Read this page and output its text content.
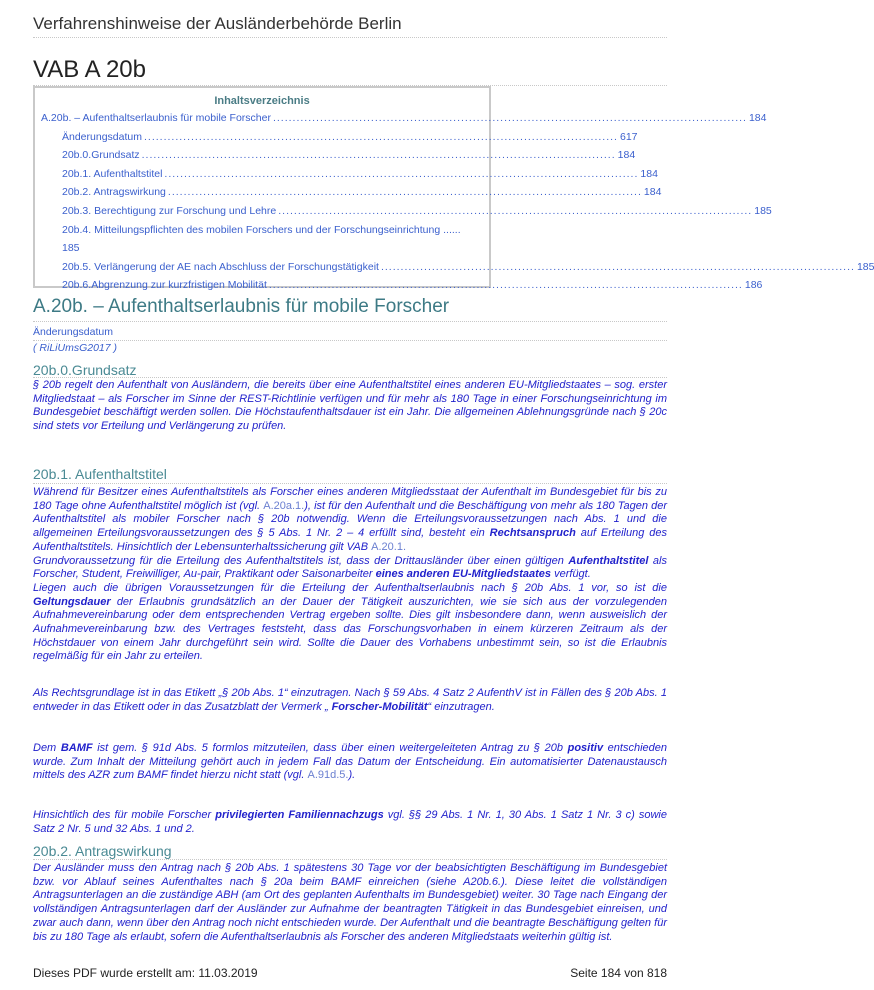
Verfahrenshinweise der Ausländerbehörde Berlin
VAB A 20b
Inhaltsverzeichnis
A.20b. – Aufenthaltserlaubnis für mobile Forscher ......................................................................................................................... 184
Änderungsdatum ......................................................................................................................... 617
20b.0.Grundsatz ......................................................................................................................... 184
20b.1. Aufenthaltstitel ......................................................................................................................... 184
20b.2. Antragswirkung ......................................................................................................................... 184
20b.3. Berechtigung zur Forschung und Lehre ......................................................................................................................... 185
20b.4. Mitteilungspflichten des mobilen Forschers und der Forschungseinrichtung ......
185
20b.5. Verlängerung der AE nach Abschluss der Forschungstätigkeit ......................................................................................................................... 185
20b.6.Abgrenzung zur kurzfristigen Mobilität ......................................................................................................................... 186
A.20b. – Aufenthaltserlaubnis für mobile Forscher
Änderungsdatum
( RiLiUmsG2017 )
20b.0.Grundsatz
§ 20b regelt den Aufenthalt von Ausländern, die bereits über eine Aufenthaltstitel eines anderen EU-Mitgliedstaates – sog. erster Mitgliedstaat – als Forscher im Sinne der REST-Richtlinie verfügen und für mehr als 180 Tage in einer Forschungseinrichtung im Bundesgebiet beschäftigt werden sollen. Die Höchstaufenthaltsdauer ist ein Jahr. Die allgemeinen Ablehnungsgründe nach § 20c sind stets vor Erteilung und Verlängerung zu prüfen.
20b.1. Aufenthaltstitel
Während für Besitzer eines Aufenthaltstitels als Forscher eines anderen Mitgliedsstaat der Aufenthalt im Bundesgebiet für bis zu 180 Tage ohne Aufenthaltstitel möglich ist (vgl. A.20a.1.), ist für den Aufenthalt und die Beschäftigung von mehr als 180 Tagen der Aufenthaltstitel als mobiler Forscher nach § 20b notwendig. Wenn die Erteilungsvoraussetzungen nach Abs. 1 und die allgemeinen Erteilungsvoraussetzungen des § 5 Abs. 1 Nr. 2 – 4 erfüllt sind, besteht ein Rechtsanspruch auf Erteilung des Aufenthaltstitels. Hinsichtlich der Lebensunterhaltssicherung gilt VAB A.20.1.
Grundvoraussetzung für die Erteilung des Aufenthaltstitels ist, dass der Drittausländer über einen gültigen Aufenthaltstitel als Forscher, Student, Freiwilliger, Au-pair, Praktikant oder Saisonarbeiter eines anderen EU-Mitgliedstaates verfügt.
Liegen auch die übrigen Voraussetzungen für die Erteilung der Aufenthaltserlaubnis nach § 20b Abs. 1 vor, so ist die Geltungsdauer der Erlaubnis grundsätzlich an der Dauer der Tätigkeit auszurichten, wie sie sich aus der vorzulegenden Aufnahmevereinbarung oder dem entsprechenden Vertrag ergeben sollte. Dies gilt insbesondere dann, wenn ausweislich der Aufnahmevereinbarung bzw. des Vertrages feststeht, dass das Forschungsvorhaben in einem kürzeren Zeitraum als der Höchstdauer von einem Jahr durchgeführt sein wird. Sollte die Dauer des Vorhabens unbestimmt sein, so ist die Erlaubnis regelmäßig für ein Jahr zu erteilen.
Als Rechtsgrundlage ist in das Etikett „§ 20b Abs. 1“ einzutragen. Nach § 59 Abs. 4 Satz 2 AufenthV ist in Fällen des § 20b Abs. 1 entweder in das Etikett oder in das Zusatzblatt der Vermerk „ Forscher-Mobilität“ einzutragen.
Dem BAMF ist gem. § 91d Abs. 5 formlos mitzuteilen, dass über einen weitergeleiteten Antrag zu § 20b positiv entschieden wurde. Zum Inhalt der Mitteilung gehört auch in jedem Fall das Datum der Entscheidung. Ein automatisierter Datenaustausch mittels des AZR zum BAMF findet hierzu nicht statt (vgl. A.91d.5.).
Hinsichtlich des für mobile Forscher privilegierten Familiennachzugs vgl. §§ 29 Abs. 1 Nr. 1, 30 Abs. 1 Satz 1 Nr. 3 c) sowie Satz 2 Nr. 5 und 32 Abs. 1 und 2.
20b.2. Antragswirkung
Der Ausländer muss den Antrag nach § 20b Abs. 1 spätestens 30 Tage vor der beabsichtigten Beschäftigung im Bundesgebiet bzw. vor Ablauf seines Aufenthaltes nach § 20a beim BAMF einreichen (siehe A20b.6.). Diese leitet die vollständigen Antragsunterlagen an die zuständige ABH (am Ort des geplanten Aufenthalts im Bundesgebiet) weiter. 30 Tage nach Eingang der vollständigen Antragsunterlagen darf der Ausländer zur Aufnahme der beantragten Tätigkeit in das Bundesgebiet einreisen, und zwar auch dann, wenn über den Antrag noch nicht entschieden wurde. Der Aufenthalt und die beantragte Beschäftigung gelten für bis zu 180 Tage als erlaubt, sofern die Aufenthaltserlaubnis als Forscher des anderen Mitgliedstaats weiterhin gültig ist.
Dieses PDF wurde erstellt am: 11.03.2019	Seite 184 von 818
